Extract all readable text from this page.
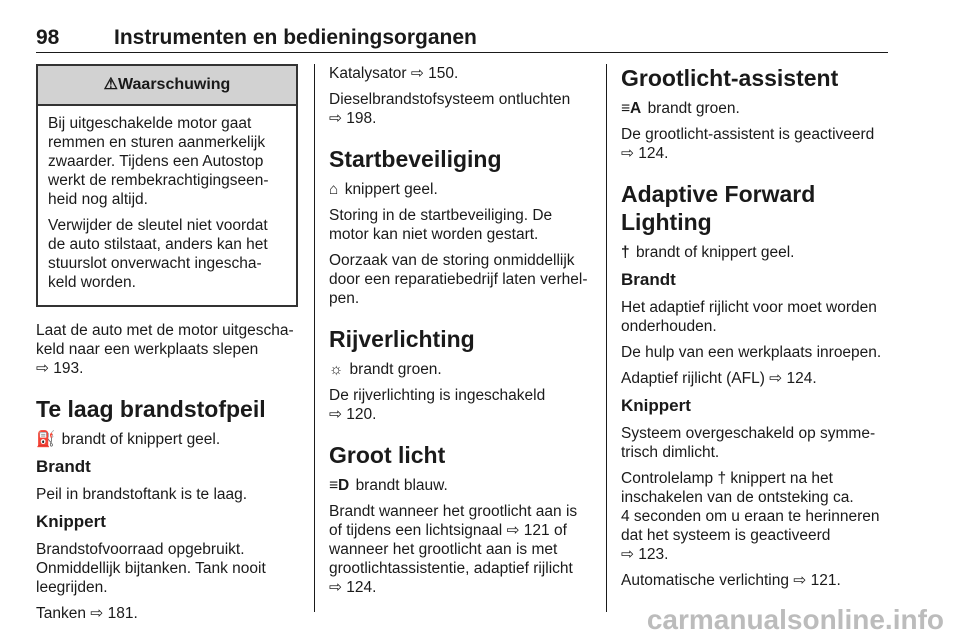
98	Instrumenten en bedieningsorganen
⚠Waarschuwing

Bij uitgeschakelde motor gaat
remmen en sturen aanmerkelijk
zwaarder. Tijdens een Autostop
werkt de rembekrachtigingseen-
heid nog altijd.

Verwijder de sleutel niet voordat
de auto stilstaat, anders kan het
stuurslot onverwacht ingescha-
keld worden.

Laat de auto met de motor uitgescha-
keld naar een werkplaats slepen
⇨ 193.

Te laag brandstofpeil

⛽ brandt of knippert geel.

Brandt

Peil in brandstoftank is te laag.

Knippert

Brandstofvoorraad opgebruikt.
Onmiddellijk bijtanken. Tank nooit
leegrijden.

Tanken ⇨ 181.

Katalysator ⇨ 150.

Dieselbrandstofsysteem ontluchten
⇨ 198.

Startbeveiliging

⌂ knippert geel.

Storing in de startbeveiliging. De
motor kan niet worden gestart.

Oorzaak van de storing onmiddellijk
door een reparatiebedrijf laten verhel-
pen.

Rijverlichting

☼ brandt groen.

De rijverlichting is ingeschakeld
⇨ 120.

Groot licht

≡D brandt blauw.

Brandt wanneer het grootlicht aan is
of tijdens een lichtsignaal ⇨ 121 of
wanneer het grootlicht aan is met
grootlichtassistentie, adaptief rijlicht
⇨ 124.

Grootlicht-assistent

≡A brandt groen.

De grootlicht-assistent is geactiveerd
⇨ 124.

Adaptive Forward Lighting

† brandt of knippert geel.

Brandt

Het adaptief rijlicht voor moet worden
onderhouden.

De hulp van een werkplaats inroepen.

Adaptief rijlicht (AFL) ⇨ 124.

Knippert

Systeem overgeschakeld op symme-
trisch dimlicht.

Controlelamp † knippert na het
inschakelen van de ontsteking ca.
4 seconden om u eraan te herinneren
dat het systeem is geactiveerd
⇨ 123.

Automatische verlichting ⇨ 121.

carmanualsonline.info
